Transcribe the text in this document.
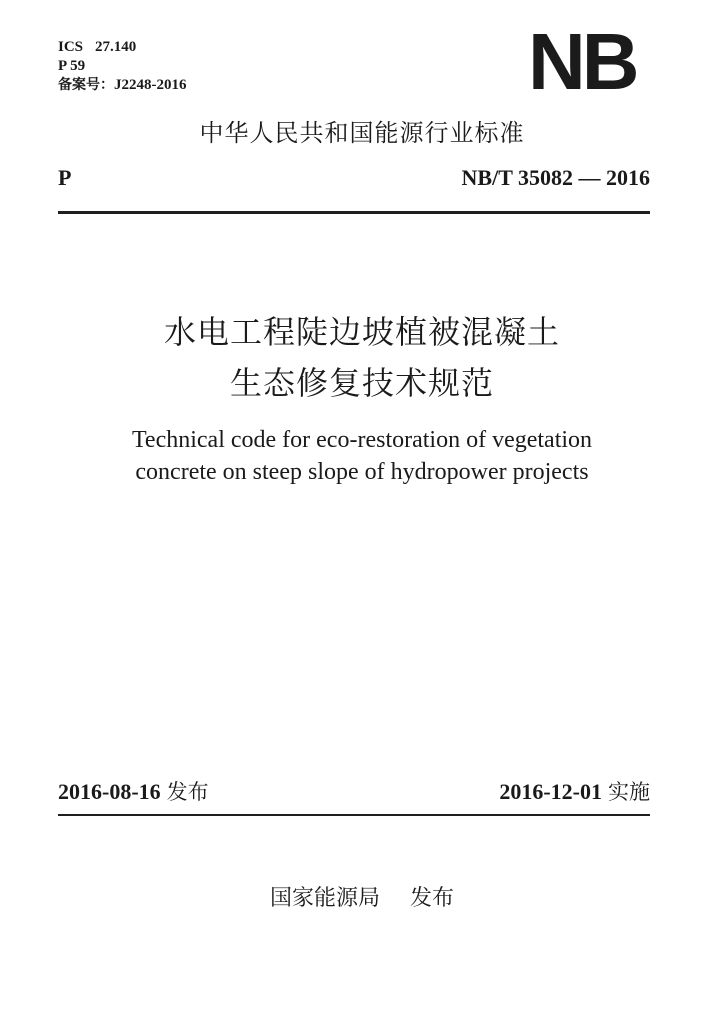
ICS 27.140
P 59
备案号：J2248-2016	NB
中华人民共和国能源行业标准
P	NB/T 35082 — 2016
水电工程陡边坡植被混凝土
生态修复技术规范
Technical code for eco-restoration of vegetation
concrete on steep slope of hydropower projects
2016-08-16 发布	2016-12-01 实施
国家能源局 发布
